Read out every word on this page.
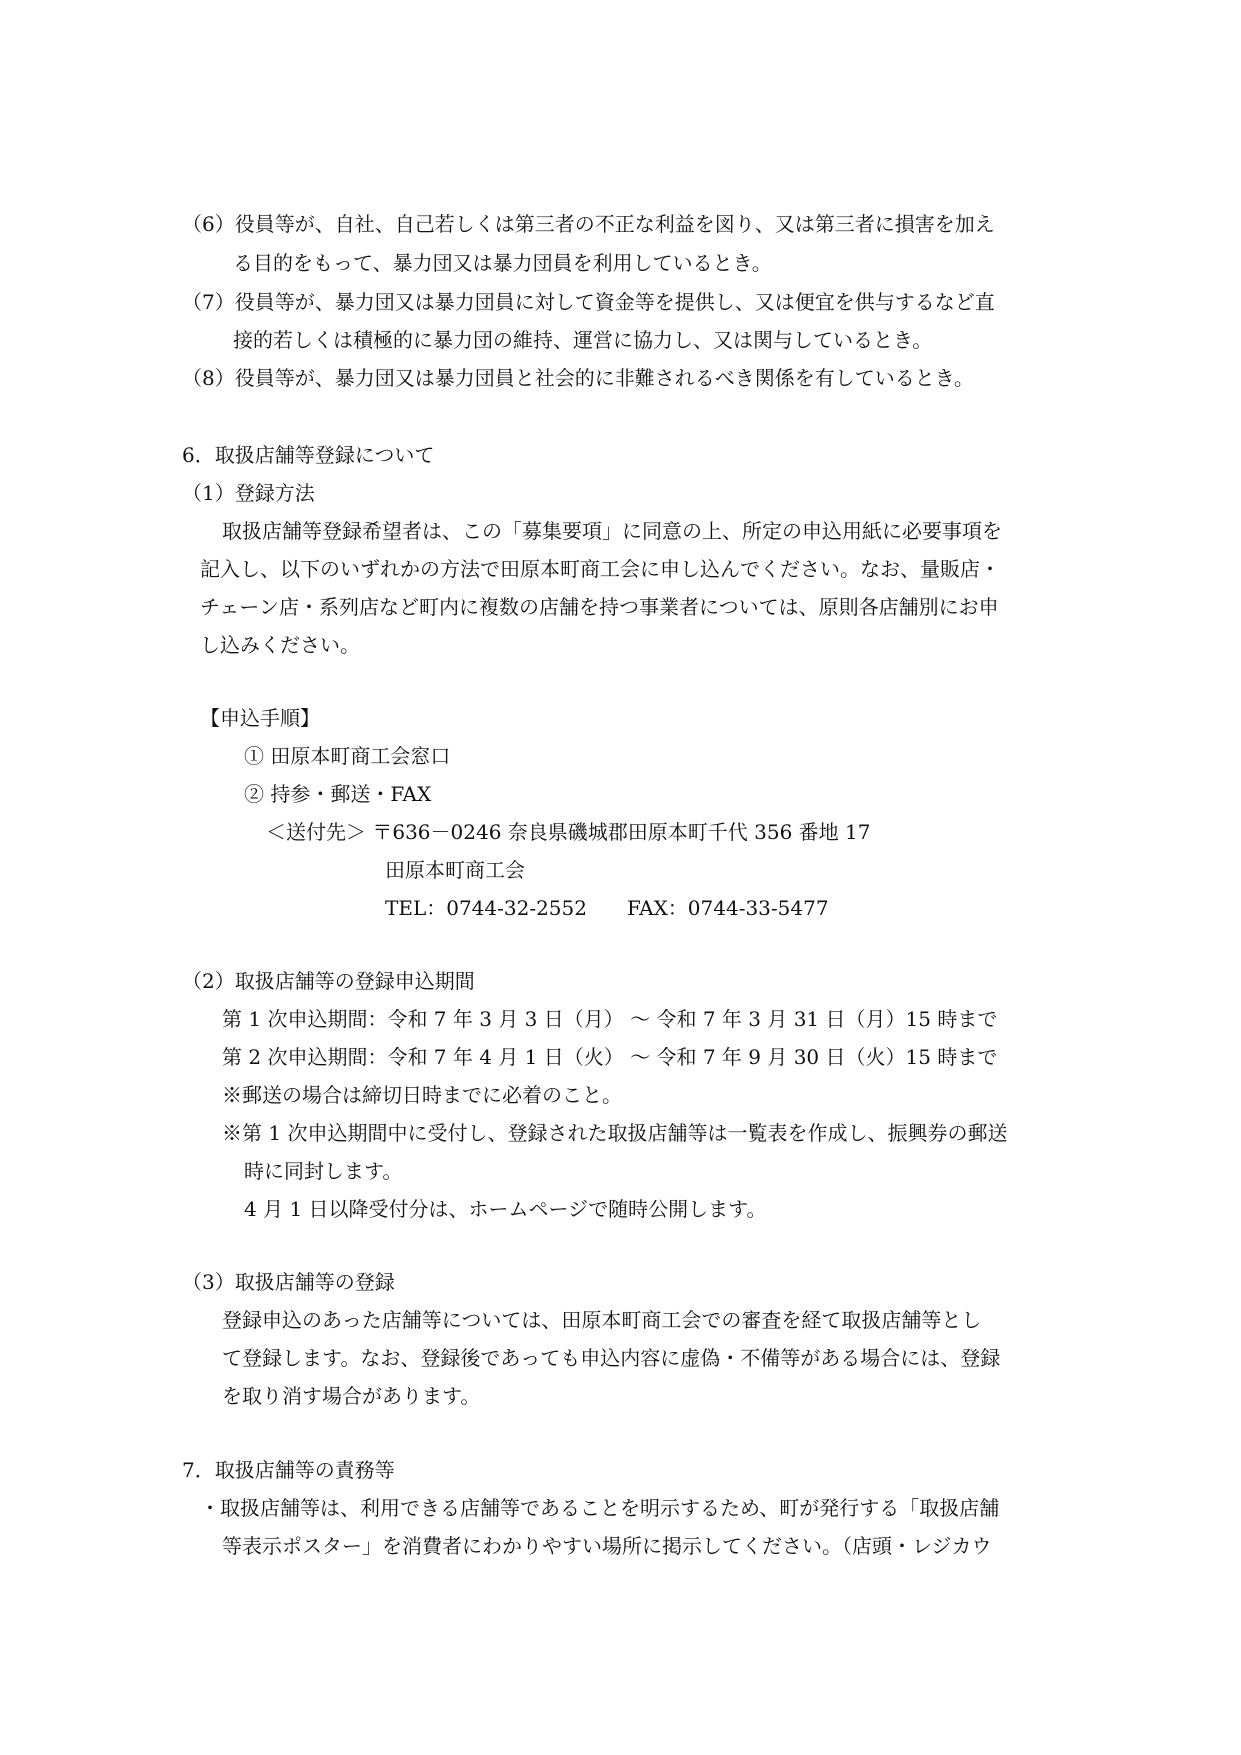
（6）役員等が、自社、自己若しくは第三者の不正な利益を図り、又は第三者に損害を加え
る目的をもって、暴力団又は暴力団員を利用しているとき。
（7）役員等が、暴力団又は暴力団員に対して資金等を提供し、又は便宜を供与するなど直
接的若しくは積極的に暴力団の維持、運営に協力し、又は関与しているとき。
（8）役員等が、暴力団又は暴力団員と社会的に非難されるべき関係を有しているとき。
6．取扱店舗等登録について
（1）登録方法
取扱店舗等登録希望者は、この「募集要項」に同意の上、所定の申込用紙に必要事項を
記入し、以下のいずれかの方法で田原本町商工会に申し込んでください。なお、量販店・
チェーン店・系列店など町内に複数の店舗を持つ事業者については、原則各店舗別にお申
し込みください。
【申込手順】
① 田原本町商工会窓口
② 持参・郵送・FAX
＜送付先＞ 〒636－0246 奈良県磯城郡田原本町千代 356 番地 17
田原本町商工会
TEL：0744-32-2552　　FAX：0744-33-5477
（2）取扱店舗等の登録申込期間
第 1 次申込期間：令和 7 年 3 月 3 日（月） ～ 令和 7 年 3 月 31 日（月）15 時まで
第 2 次申込期間：令和 7 年 4 月 1 日（火） ～ 令和 7 年 9 月 30 日（火）15 時まで
※郵送の場合は締切日時までに必着のこと。
※第 1 次申込期間中に受付し、登録された取扱店舗等は一覧表を作成し、振興券の郵送
時に同封します。
4 月 1 日以降受付分は、ホームページで随時公開します。
（3）取扱店舗等の登録
登録申込のあった店舗等については、田原本町商工会での審査を経て取扱店舗等とし
て登録します。なお、登録後であっても申込内容に虚偽・不備等がある場合には、登録
を取り消す場合があります。
7．取扱店舗等の責務等
・取扱店舗等は、利用できる店舗等であることを明示するため、町が発行する「取扱店舗
等表示ポスター」を消費者にわかりやすい場所に掲示してください。（店頭・レジカウ
